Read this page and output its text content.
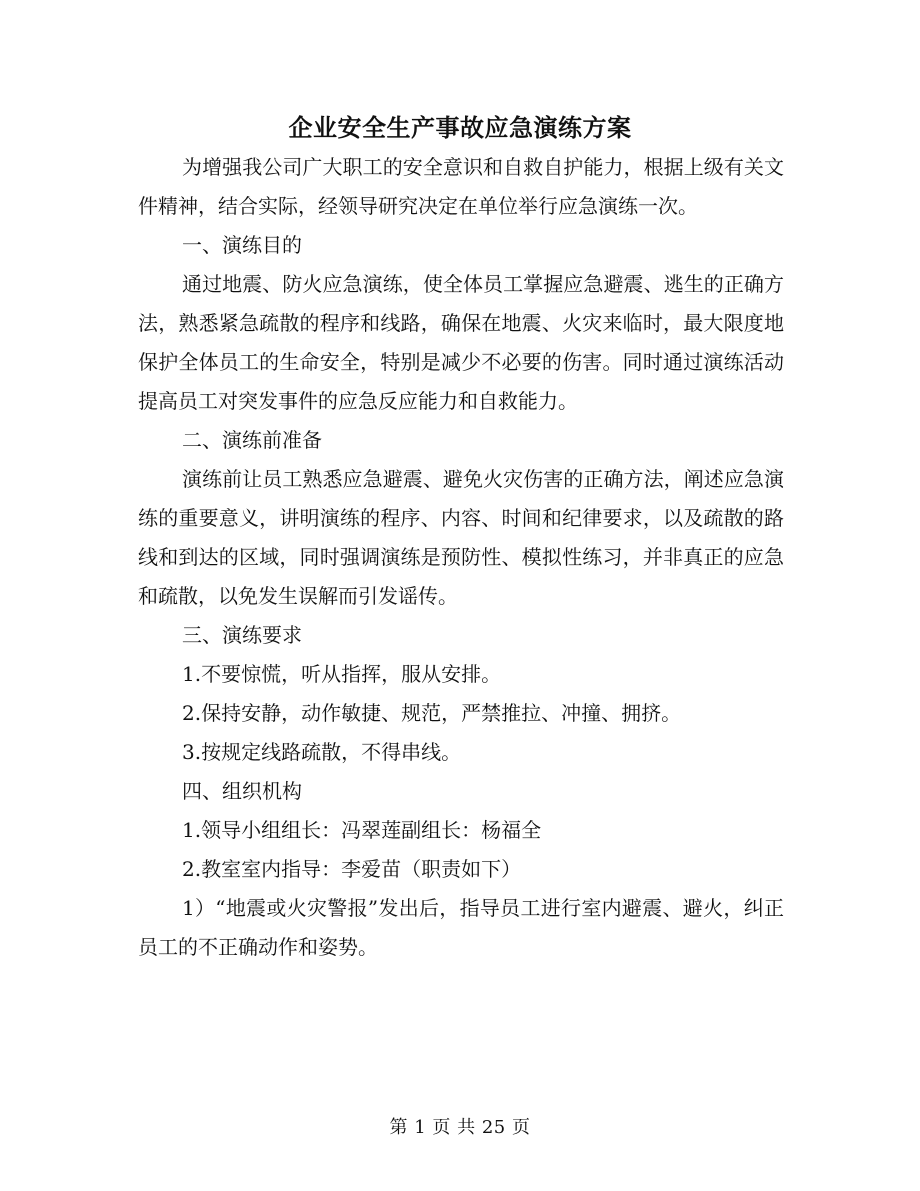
企业安全生产事故应急演练方案

为增强我公司广大职工的安全意识和自救自护能力，根据上级有关文件精神，结合实际，经领导研究决定在单位举行应急演练一次。

一、演练目的

通过地震、防火应急演练，使全体员工掌握应急避震、逃生的正确方法，熟悉紧急疏散的程序和线路，确保在地震、火灾来临时，最大限度地保护全体员工的生命安全，特别是减少不必要的伤害。同时通过演练活动提高员工对突发事件的应急反应能力和自救能力。

二、演练前准备

演练前让员工熟悉应急避震、避免火灾伤害的正确方法，阐述应急演练的重要意义，讲明演练的程序、内容、时间和纪律要求，以及疏散的路线和到达的区域，同时强调演练是预防性、模拟性练习，并非真正的应急和疏散，以免发生误解而引发谣传。

三、演练要求

1.不要惊慌，听从指挥，服从安排。

2.保持安静，动作敏捷、规范，严禁推拉、冲撞、拥挤。

3.按规定线路疏散，不得串线。

四、组织机构

1.领导小组组长：冯翠莲副组长：杨福全

2.教室室内指导：李爱苗（职责如下）

1）“地震或火灾警报”发出后，指导员工进行室内避震、避火，纠正员工的不正确动作和姿势。

第 1 页 共 25 页
